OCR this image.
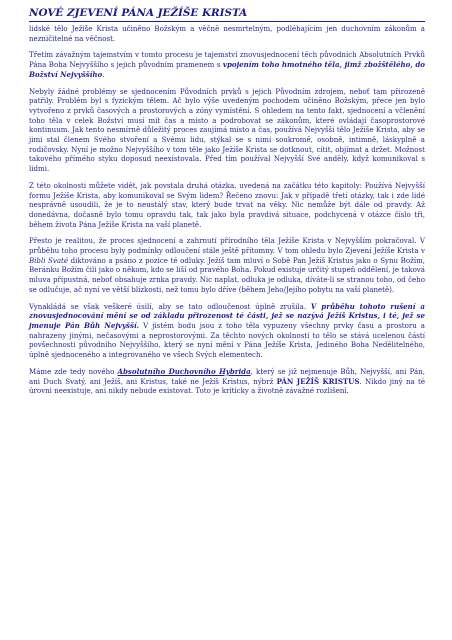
NOVÉ ZJEVENÍ PÁNA JEŽÍŠE KRISTA

lidské tělo Ježíše Krista učiněno Božským a věčně nesmrtelným, podléhajícím jen duchovním zákonům a nezničitelné na věčnost.

Třetím závažným tajemstvím v tomto procesu je tajemství znovusjednocení těch původních Absolutních Prvků Pána Boha Nejvyššího s jejich původním pramenem s vpojením toho hmotného těla, jimž zbožštělého, do Božství Nejvyššího.

Nebyly žádné problémy se sjednocením Původních prvků s jejich Původním zdrojem, neboť tam přirozeně patřily. Problém byl s fyzickým tělem. Ač bylo výše uvedeným pochodem učiněno Božským, přece jen bylo vytvořeno z prvků časových a prostorových a zóny vymístění. S ohledem na tento fakt, sjednocení a včlenění toho těla v celek Božství musí mít čas a místo a podrobovat se zákonům, které ovládají časoprostorové kontinuum. Jak tento nesmírně důležitý proces zaujímá místo a čas, používá Nejvyšší tělo Ježíše Krista, aby se jimi stal členem Svého stvoření a Svému lidu, stýkal se s nimi soukromě, osobně, intimně, láskyplně a rodičovsky. Nyní je možno Nejvyššího v tom těle jako Ježíše Krista se dotknout, cítit, objímat a držet. Možnost takového přímého styku doposud neexistovala. Před tím používal Nejvyšší Své anděly, když komunikoval s lidmi.

Z této okolnosti můžete vidět, jak povstala druhá otázka, uvedená na začátku této kapitoly: Používá Nejvyšší formu Ježíše Krista, aby komunikoval se Svým lidem? Řečeno znovu: Jak v případě třetí otázky, tak i zde lidé nesprávně usoudili, že je to neustálý stav, který bude trvat na věky. Nic nemůže být dále od pravdy. Až donedávna, dočasně bylo tomu opravdu tak, tak jako byla pravdivá situace, podchycená v otázce číslo tři, během života Pána Ježíše Krista na vaší planetě.

Přesto je realitou, že proces sjednocení a zahrnutí přírodního těla Ježíše Krista v Nejvyšším pokračoval. V průběhu toho procesu byly podmínky odloučení stále ještě přítomny. V tom ohledu bylo Zjevení Ježíše Krista v Bibli Svaté diktováno a psáno z pozice té odluky. Ježíš tam mluví o Sobě Pan Ježíš Kristus jako o Synu Božím, Beránku Božím čili jako o někom, kdo se liší od pravého Boha. Pokud existuje určitý stupeň oddělení, je taková mluva přípustná, neboť obsahuje zrnka pravdy. Nic naplat, odluka je odluka, díváte-li se stranou toho, od čeho se odlučuje, ač nyní ve větší blízkosti, než tomu bylo dříve (během Jeho/Jejího pobytu na vaší planetě).

Vynakládá se však veškeré úsilí, aby se tato odloučenost úplně zrušila. V průběhu tohoto rušení a znovusjednocování mění se od základu přirozenost té části, jež se nazývá Ježíš Kristus, i té, jež se jmenuje Pán Bůh Nejvyšší. V jistém bodu jsou z toho těla vypuzeny všechny prvky času a prostoru a nahrazeny jinými, nečasovými a neprostorovými. Za těchto nových okolností to tělo se stává ucelenou částí povšechnosti původního Nejvyššího, který se nyní mění v Pána Ježíše Krista, Jediného Boha Nedělitelného, úplně sjednoceného a integrovaného ve všech Svých elementech.

Máme zde tedy nového Absolutního Duchovního Hybrida, který se již nejmenuje Bůh, Nejvyšší, ani Pán, ani Duch Svatý, ani Ježíš, ani Kristus, také ne Ježíš Kristus, nýbrž PÁN JEŽÍŠ KRISTUS. Nikdo jiný na té úrovni neexistuje, ani nikdy nebude existovat. Toto je kriticky a životně závažné rozlišení.
